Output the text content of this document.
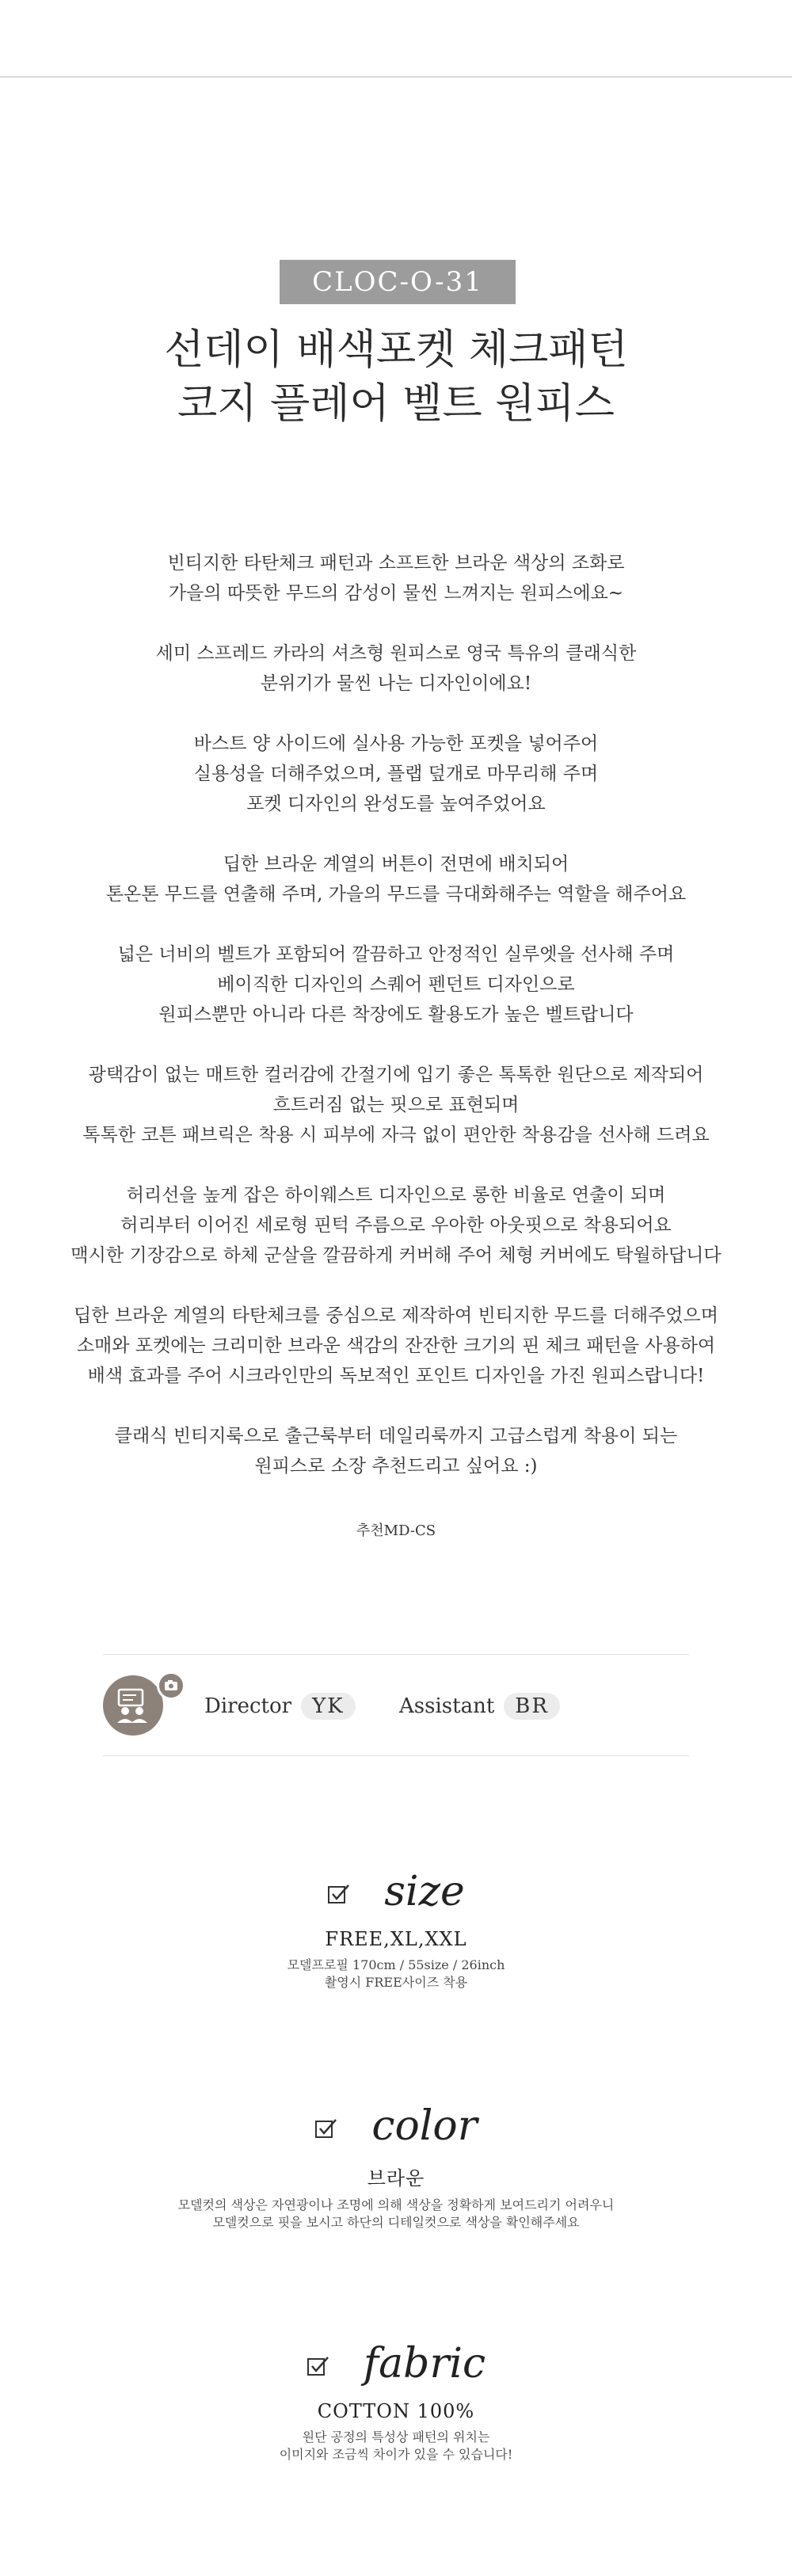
CLOC-O-31
선데이 배색포켓 체크패턴
코지 플레어 벨트 원피스
빈티지한 타탄체크 패턴과 소프트한 브라운 색상의 조화로
가을의 따뜻한 무드의 감성이 물씬 느껴지는 원피스에요~
세미 스프레드 카라의 셔츠형 원피스로 영국 특유의 클래식한
분위기가 물씬 나는 디자인이에요!
바스트 양 사이드에 실사용 가능한 포켓을 넣어주어
실용성을 더해주었으며, 플랩 덮개로 마무리해 주며
포켓 디자인의 완성도를 높여주었어요
딥한 브라운 계열의 버튼이 전면에 배치되어
톤온톤 무드를 연출해 주며, 가을의 무드를 극대화해주는 역할을 해주어요
넓은 너비의 벨트가 포함되어 깔끔하고 안정적인 실루엣을 선사해 주며
베이직한 디자인의 스퀘어 펜던트 디자인으로
원피스뿐만 아니라 다른 착장에도 활용도가 높은 벨트랍니다
광택감이 없는 매트한 컬러감에 간절기에 입기 좋은 톡톡한 원단으로 제작되어
흐트러짐 없는 핏으로 표현되며
톡톡한 코튼 패브릭은 착용 시 피부에 자극 없이 편안한 착용감을 선사해 드려요
허리선을 높게 잡은 하이웨스트 디자인으로 롱한 비율로 연출이 되며
허리부터 이어진 세로형 핀턱 주름으로 우아한 아웃핏으로 착용되어요
맥시한 기장감으로 하체 군살을 깔끔하게 커버해 주어 체형 커버에도 탁월하답니다
딥한 브라운 계열의 타탄체크를 중심으로 제작하여 빈티지한 무드를 더해주었으며
소매와 포켓에는 크리미한 브라운 색감의 잔잔한 크기의 핀 체크 패턴을 사용하여
배색 효과를 주어 시크라인만의 독보적인 포인트 디자인을 가진 원피스랍니다!
클래식 빈티지룩으로 출근룩부터 데일리룩까지 고급스럽게 착용이 되는
원피스로 소장 추천드리고 싶어요 :)
추천MD-CS
Director	YK	Assistant	BR
size
FREE,XL,XXL
모델프로필 170cm / 55size / 26inch
촬영시 FREE사이즈 착용
color
브라운
모델컷의 색상은 자연광이나 조명에 의해 색상을 정확하게 보여드리기 어려우니
모델컷으로 핏을 보시고 하단의 디테일컷으로 색상을 확인해주세요
fabric
COTTON 100%
원단 공정의 특성상 패턴의 위치는
이미지와 조금씩 차이가 있을 수 있습니다!
